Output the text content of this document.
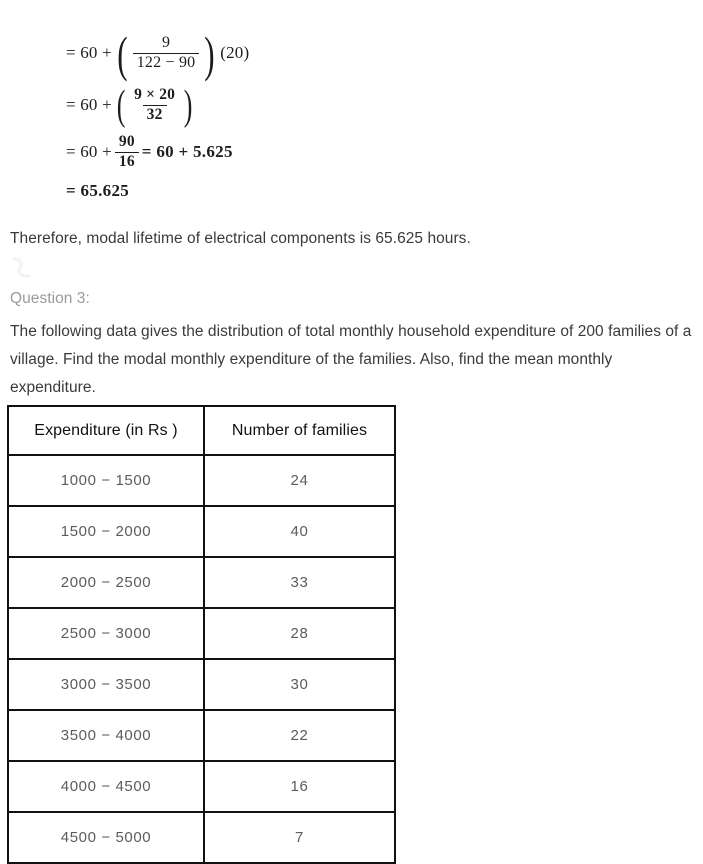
= 60 + ( $\frac{9}{122 - 90}$ ) (20)
= 60 + ( $\frac{9 \times 20}{32}$ )
= $60 + \frac{90}{16} = 60 + 5.625$
= 65.625
Therefore, modal lifetime of electrical components is 65.625 hours.
Question 3:
The following data gives the distribution of total monthly household expenditure of 200 families of a village. Find the modal monthly expenditure of the families. Also, find the mean monthly expenditure.
Expenditure (in Rs )	Number of families
1000 − 1500	24
1500 − 2000	40
2000 − 2500	33
2500 − 3000	28
3000 − 3500	30
3500 − 4000	22
4000 − 4500	16
4500 − 5000	7
